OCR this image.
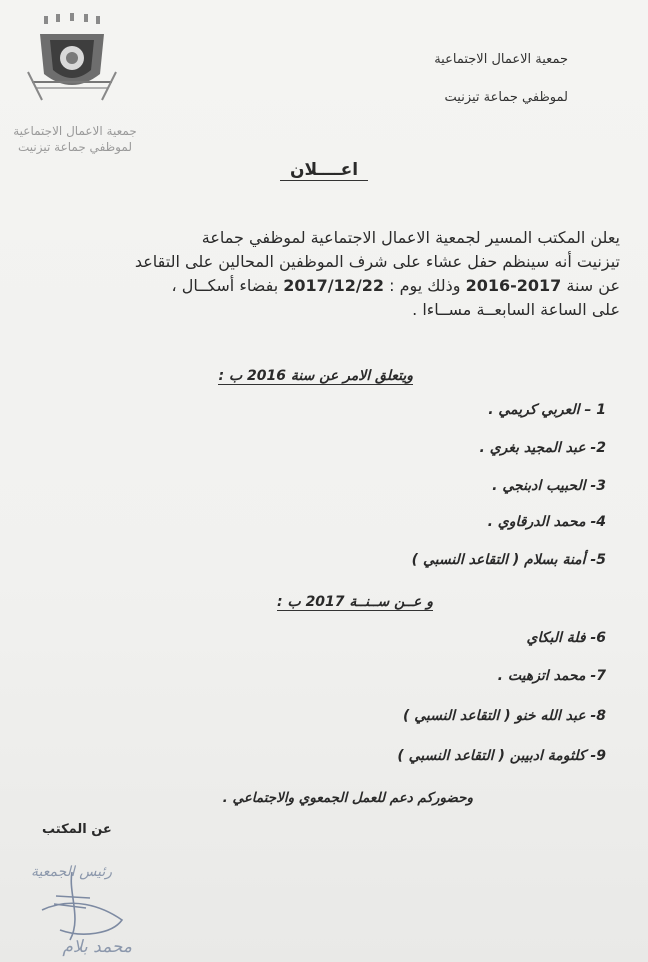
جمعية الاعمال الاجتماعية
لموظفي جماعة تيزنيت
جمعية الاعمال الاجتماعية
لموظفي جماعة تيزنيت
اعــــلان
يعلن المكتب المسير لجمعية الاعمال الاجتماعية لموظفي جماعة
تيزنيت أنه سينظم حفل عشاء على شرف الموظفين المحالين على التقاعد
عن سنة 2017-2016 وذلك يوم : 2017/12/22 بفضاء أسكــال ،
على الساعة السابعــة مســاءا .
ويتعلق الامر عن سنة 2016 ب :
1 – العربي كريمي .
2- عبد المجيد بغري .
3- الحبيب ادبنجي .
4- محمد الدرقاوي .
5- أمنة بسلام ( التقاعد النسبي )
و عــن ســنــة 2017 ب :
6- فلة البكاي
7- محمد اتزهيت .
8- عبد الله خنو ( التقاعد النسبي )
9- كلثومة ادبيبن ( التقاعد النسبي )
وحضوركم دعم للعمل الجمعوي والاجتماعي .
عن المكتب
رئيس الجمعية
محمد بلام
